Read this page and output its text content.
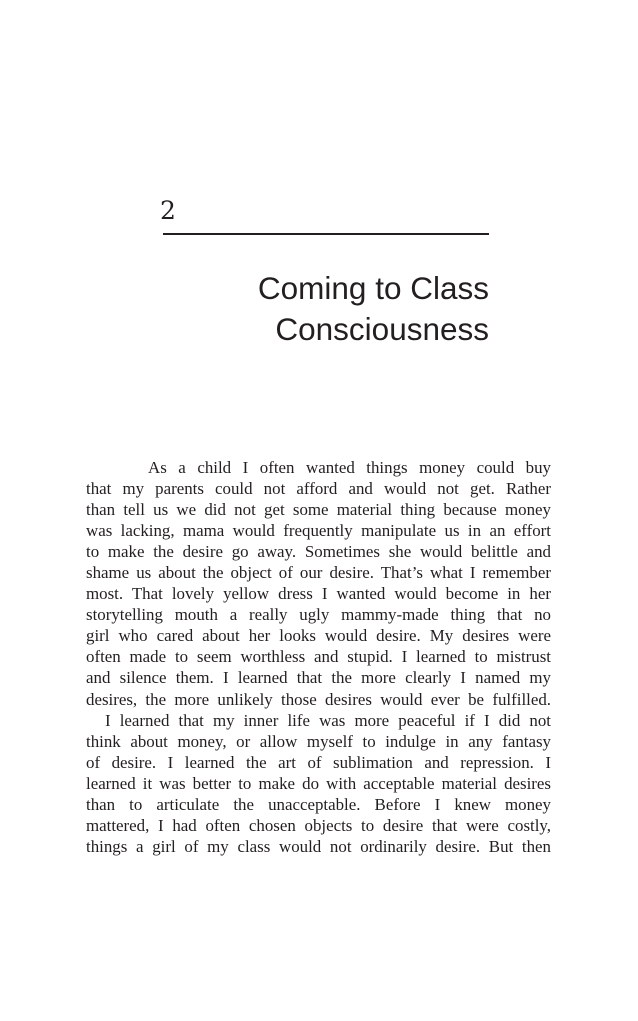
2
Coming to Class
Consciousness
As a child I often wanted things money could buy
that my parents could not afford and would not get. Rather
than tell us we did not get some material thing because money
was lacking, mama would frequently manipulate us in an effort
to make the desire go away. Sometimes she would belittle and
shame us about the object of our desire. That’s what I remember
most. That lovely yellow dress I wanted would become in her
storytelling mouth a really ugly mammy-made thing that no
girl who cared about her looks would desire. My desires were
often made to seem worthless and stupid. I learned to mistrust
and silence them. I learned that the more clearly I named my
desires, the more unlikely those desires would ever be fulfilled.
I learned that my inner life was more peaceful if I did not
think about money, or allow myself to indulge in any fantasy
of desire. I learned the art of sublimation and repression. I
learned it was better to make do with acceptable material desires
than to articulate the unacceptable. Before I knew money
mattered, I had often chosen objects to desire that were costly,
things a girl of my class would not ordinarily desire. But then
